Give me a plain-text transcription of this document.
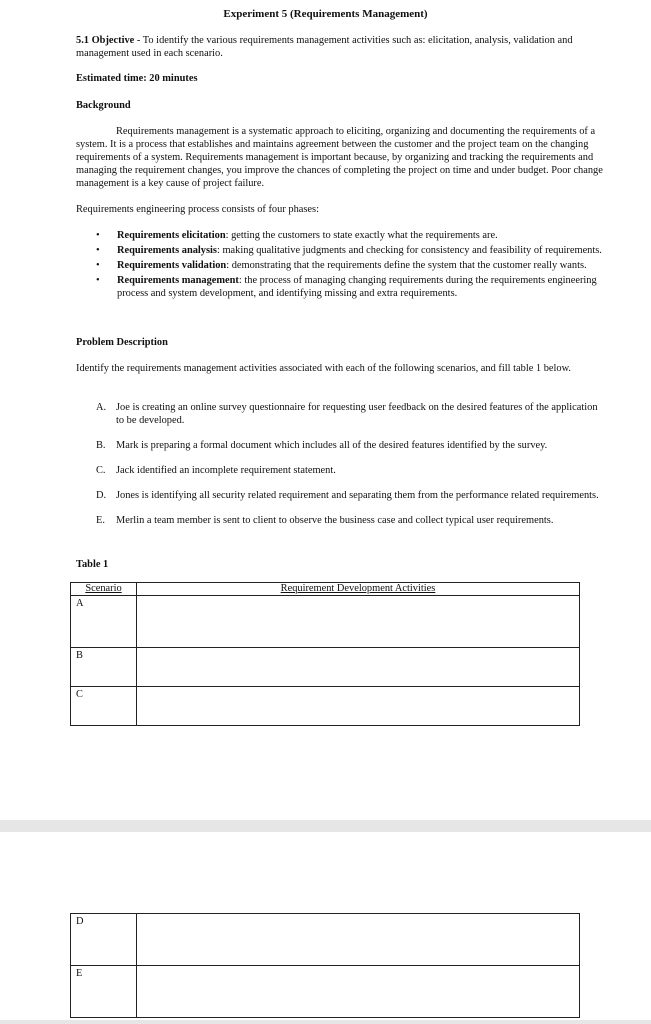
Experiment 5 (Requirements Management)
5.1 Objective - To identify the various requirements management activities such as: elicitation, analysis, validation and management used in each scenario.
Estimated time: 20 minutes
Background
Requirements management is a systematic approach to eliciting, organizing and documenting the requirements of a system. It is a process that establishes and maintains agreement between the customer and the project team on the changing requirements of a system. Requirements management is important because, by organizing and tracking the requirements and managing the requirement changes, you improve the chances of completing the project on time and under budget. Poor change management is a key cause of project failure.
Requirements engineering process consists of four phases:
• Requirements elicitation: getting the customers to state exactly what the requirements are.
• Requirements analysis: making qualitative judgments and checking for consistency and feasibility of requirements.
• Requirements validation: demonstrating that the requirements define the system that the customer really wants.
• Requirements management: the process of managing changing requirements during the requirements engineering process and system development, and identifying missing and extra requirements.
Problem Description
Identify the requirements management activities associated with each of the following scenarios, and fill table 1 below.
A. Joe is creating an online survey questionnaire for requesting user feedback on the desired features of the application to be developed.
B. Mark is preparing a formal document which includes all of the desired features identified by the survey.
C. Jack identified an incomplete requirement statement.
D. Jones is identifying all security related requirement and separating them from the performance related requirements.
E. Merlin a team member is sent to client to observe the business case and collect typical user requirements.
Table 1
Scenario	Requirement Development Activities
A	
B	
C	
D	
E	
